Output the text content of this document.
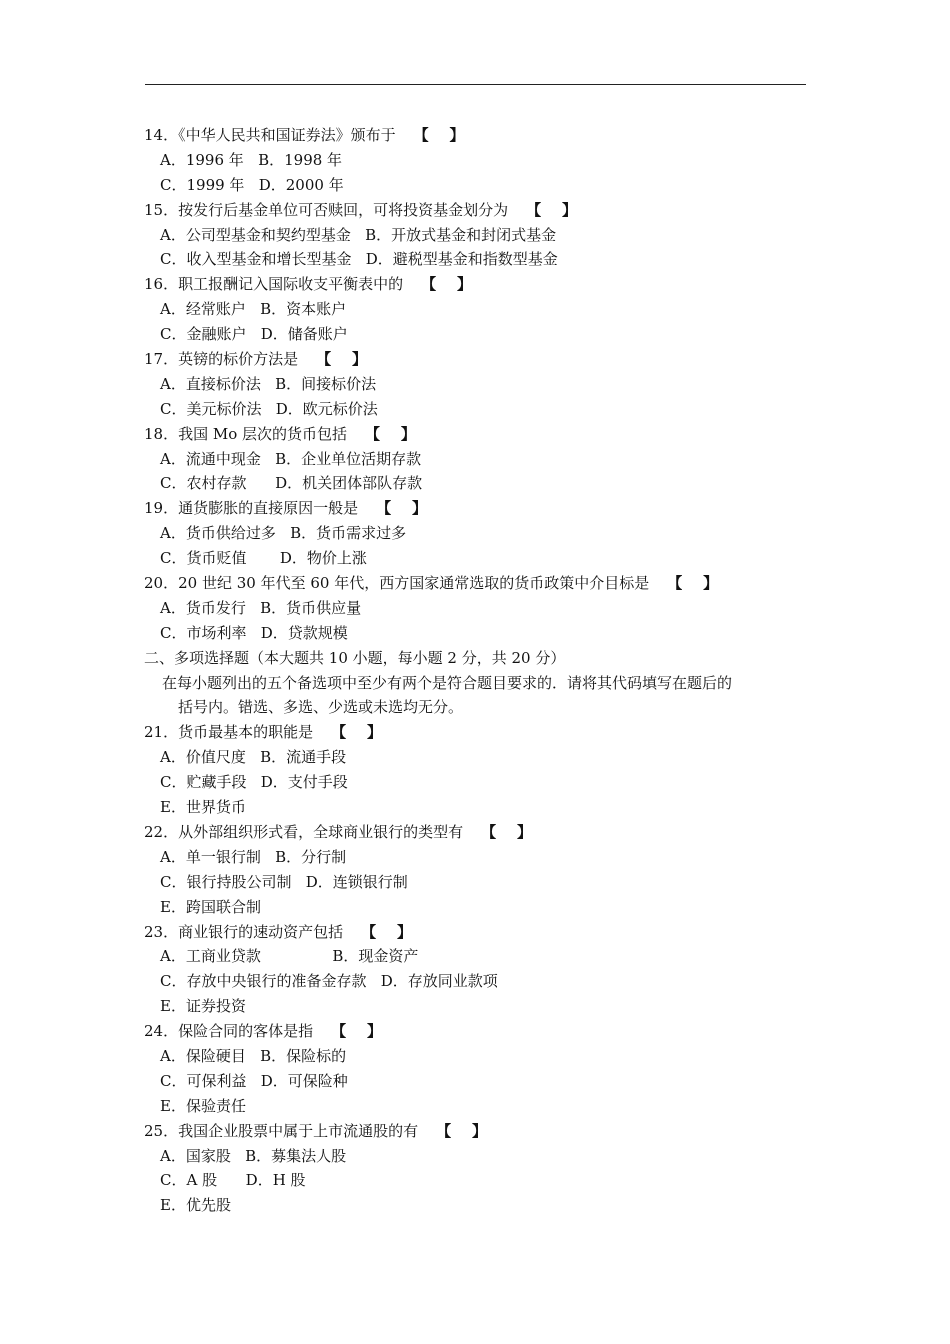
14．《中华人民共和国证券法》颁布于 【    】
A．1996 年   B．1998 年
C．1999 年   D．2000 年
15．按发行后基金单位可否赎回，可将投资基金划分为 【    】
A．公司型基金和契约型基金   B．开放式基金和封闭式基金
C．收入型基金和增长型基金   D．避税型基金和指数型基金
16．职工报酬记入国际收支平衡表中的 【    】
A．经常账户   B．资本账户
C．金融账户   D．储备账户
17．英镑的标价方法是 【    】
A．直接标价法   B．间接标价法
C．美元标价法   D．欧元标价法
18．我国 Mo 层次的货币包括 【    】
A．流通中现金   B．企业单位活期存款
C．农村存款      D．机关团体部队存款
19．通货膨胀的直接原因一般是 【    】
A．货币供给过多   B．货币需求过多
C．货币贬值       D．物价上涨
20．20 世纪 30 年代至 60 年代，西方国家通常选取的货币政策中介目标是 【    】
A．货币发行   B．货币供应量
C．市场利率   D．贷款规模
二、多项选择题（本大题共 10 小题，每小题 2 分，共 20 分）
在每小题列出的五个备选项中至少有两个是符合题目要求的．请将其代码填写在题后的
括号内。错选、多选、少选或未选均无分。
21．货币最基本的职能是 【    】
A．价值尺度   B．流通手段
C．贮藏手段   D．支付手段
E．世界货币
22．从外部组织形式看，全球商业银行的类型有 【    】
A．单一银行制   B．分行制
C．银行持股公司制   D．连锁银行制
E．跨国联合制
23．商业银行的速动资产包括 【    】
A．工商业贷款               B．现金资产
C．存放中央银行的准备金存款   D．存放同业款项
E．证券投资
24．保险合同的客体是指 【    】
A．保险硬目   B．保险标的
C．可保利益   D．可保险种
E．保验责任
25．我国企业股票中属于上市流通股的有 【    】
A．国家股   B．募集法人股
C．A 股      D．H 股
E．优先股
